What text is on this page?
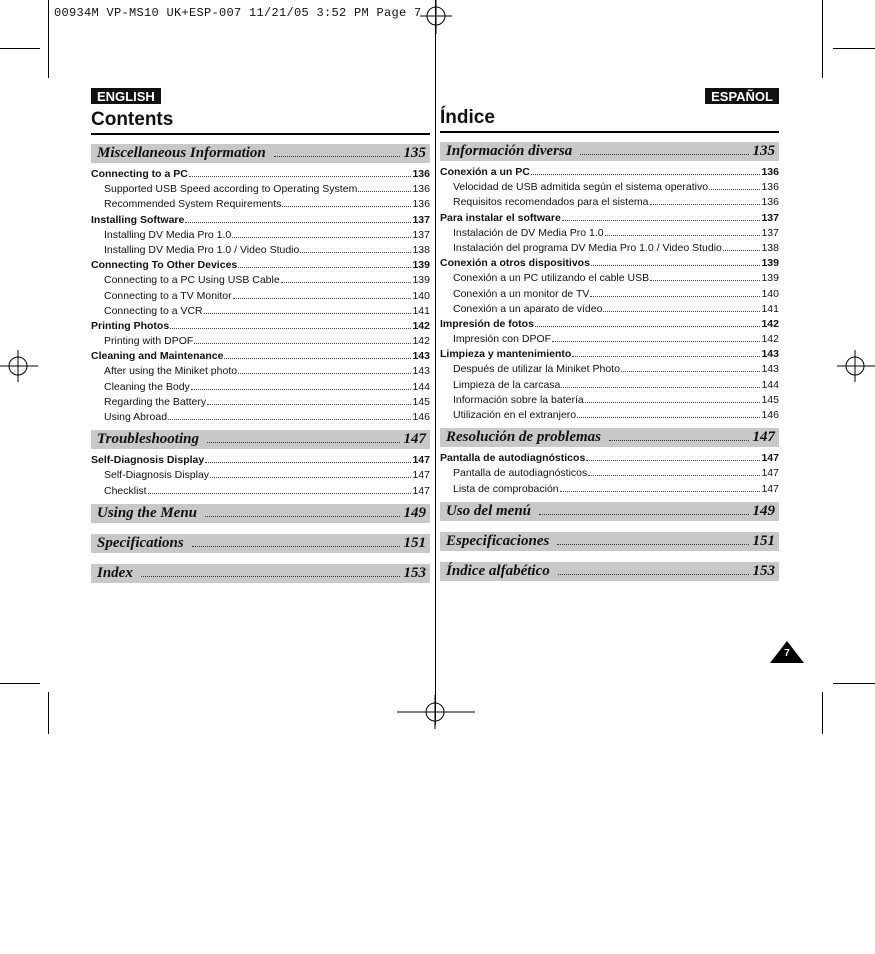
00934M VP-MS10 UK+ESP-007 11/21/05 3:52 PM Page 7
ENGLISH
Contents
Miscellaneous Information	135
Connecting to a PC	136
Supported USB Speed according to Operating System	136
Recommended System Requirements	136
Installing Software	137
Installing DV Media Pro 1.0	137
Installing DV Media Pro 1.0 / Video Studio	138
Connecting To Other Devices	139
Connecting to a PC Using USB Cable	139
Connecting to a TV Monitor	140
Connecting to a VCR	141
Printing Photos	142
Printing with DPOF	142
Cleaning and Maintenance	143
After using the Miniket photo	143
Cleaning the Body	144
Regarding the Battery	145
Using Abroad	146
Troubleshooting	147
Self-Diagnosis Display	147
Self-Diagnosis Display	147
Checklist	147
Using the Menu	149
Specifications	151
Index	153
ESPAÑOL
Índice
Información diversa	135
Conexión a un PC	136
Velocidad de USB admitida según el sistema operativo	136
Requisitos recomendados para el sistema	136
Para instalar el software	137
Instalación de DV Media Pro 1.0	137
Instalación del programa DV Media Pro 1.0 / Video Studio	138
Conexión a otros dispositivos	139
Conexión a un PC utilizando el cable USB	139
Conexión a un monitor de TV	140
Conexión a un aparato de vídeo	141
Impresión de fotos	142
Impresión con DPOF	142
Limpieza y mantenimiento	143
Después de utilizar la Miniket Photo	143
Limpieza de la carcasa	144
Información sobre la batería	145
Utilización en el extranjero	146
Resolución de problemas	147
Pantalla de autodiagnósticos	147
Pantalla de autodiagnósticos	147
Lista de comprobación	147
Uso del menú	149
Especificaciones	151
Índice alfabético	153
7
